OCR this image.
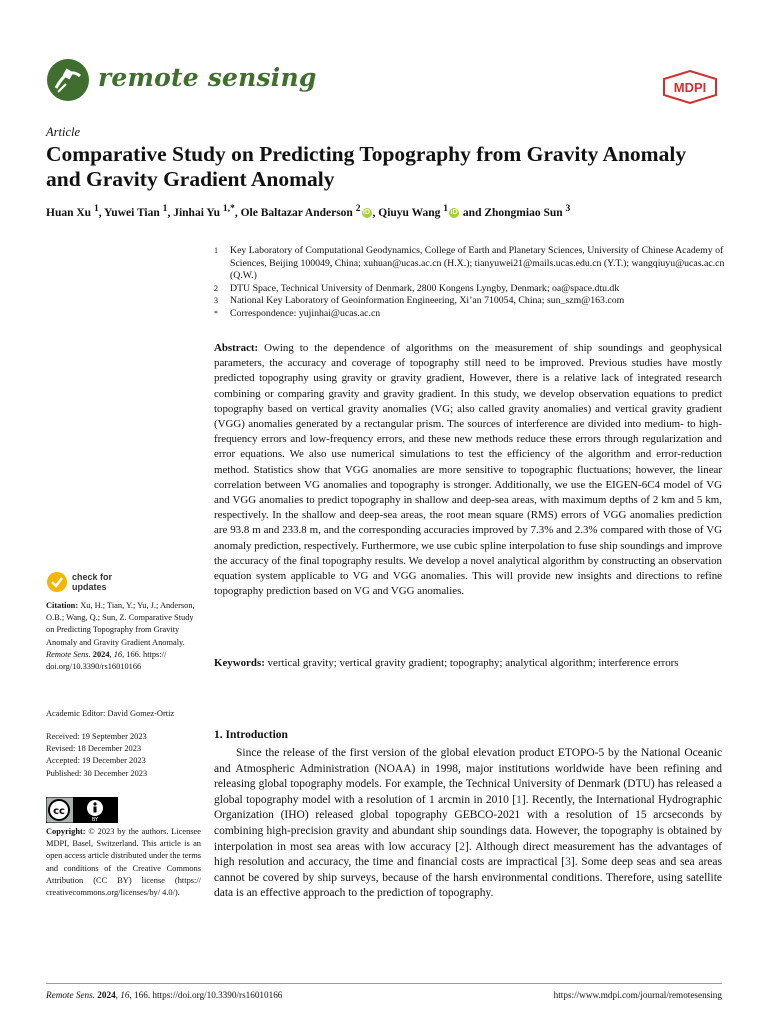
remote sensing	MDPI
Article
Comparative Study on Predicting Topography from Gravity Anomaly and Gravity Gradient Anomaly
Huan Xu $^1$, Yuwei Tian $^1$, Jinhai Yu $^{1,*}$, Ole Baltazar Anderson $^2$ iD , Qiuyu Wang $^1$ iD and Zhongmiao Sun $^3$
1	Key Laboratory of Computational Geodynamics, College of Earth and Planetary Sciences, University of Chinese Academy of Sciences, Beijing 100049, China; xuhuan@ucas.ac.cn (H.X.); tianyuwei21@mails.ucas.edu.cn (Y.T.); wangqiuyu@ucas.ac.cn (Q.W.)
2	DTU Space, Technical University of Denmark, 2800 Kongens Lyngby, Denmark; oa@space.dtu.dk
3	National Key Laboratory of Geoinformation Engineering, Xi’an 710054, China; sun_szm@163.com
*	Correspondence: yujinhai@ucas.ac.cn
Abstract: Owing to the dependence of algorithms on the measurement of ship soundings and geophysical parameters, the accuracy and coverage of topography still need to be improved. Previous studies have mostly predicted topography using gravity or gravity gradient, However, there is a relative lack of integrated research combining or comparing gravity and gravity gradient. In this study, we develop observation equations to predict topography based on vertical gravity anomalies (VG; also called gravity anomalies) and vertical gravity gradient (VGG) anomalies generated by a rectangular prism. The sources of interference are divided into medium- to high-frequency errors and low-frequency errors, and these new methods reduce these errors through regularization and error equations. We also use numerical simulations to test the efficiency of the algorithm and error-reduction method. Statistics show that VGG anomalies are more sensitive to topographic fluctuations; however, the linear correlation between VG anomalies and topography is stronger. Additionally, we use the EIGEN-6C4 model of VG and VGG anomalies to predict topography in shallow and deep-sea areas, with maximum depths of 2 km and 5 km, respectively. In the shallow and deep-sea areas, the root mean square (RMS) errors of VGG anomalies prediction are 93.8 m and 233.8 m, and the corresponding accuracies improved by 7.3% and 2.3% compared with those of VG anomaly prediction, respectively. Furthermore, we use cubic spline interpolation to fuse ship soundings and improve the accuracy of the final topography results. We develop a novel analytical algorithm by constructing an observation equation system applicable to VG and VGG anomalies. This will provide new insights and directions to refine topography prediction based on VG and VGG anomalies.
Keywords: vertical gravity; vertical gravity gradient; topography; analytical algorithm; interference errors
check for
updates
Citation: Xu, H.; Tian, Y.; Yu, J.; Anderson, O.B.; Wang, Q.; Sun, Z. Comparative Study on Predicting Topography from Gravity Anomaly and Gravity Gradient Anomaly. Remote Sens. 2024, 16, 166. https:// doi.org/10.3390/rs16010166
Academic Editor: David Gomez-Ortiz
Received: 19 September 2023
Revised: 18 December 2023
Accepted: 19 December 2023
Published: 30 December 2023
cc
BY
Copyright: © 2023 by the authors. Licensee MDPI, Basel, Switzerland. This article is an open access article distributed under the terms and conditions of the Creative Commons Attribution (CC BY) license (https:// creativecommons.org/licenses/by/ 4.0/).
1. Introduction
Since the release of the first version of the global elevation product ETOPO-5 by the National Oceanic and Atmospheric Administration (NOAA) in 1998, major institutions worldwide have been refining and releasing global topography models. For example, the Technical University of Denmark (DTU) has released a global topography model with a resolution of 1 arcmin in 2010 [1]. Recently, the International Hydrographic Organization (IHO) released global topography GEBCO-2021 with a resolution of 15 arcseconds by combining high-precision gravity and abundant ship soundings data. However, the topography is obtained by interpolation in most sea areas with low accuracy [2]. Although direct measurement has the advantages of high resolution and accuracy, the time and financial costs are impractical [3]. Some deep seas and sea areas cannot be covered by ship surveys, because of the harsh environmental conditions. Therefore, using satellite data is an effective approach to the prediction of topography.
Remote Sens. 2024, 16, 166. https://doi.org/10.3390/rs16010166	https://www.mdpi.com/journal/remotesensing
